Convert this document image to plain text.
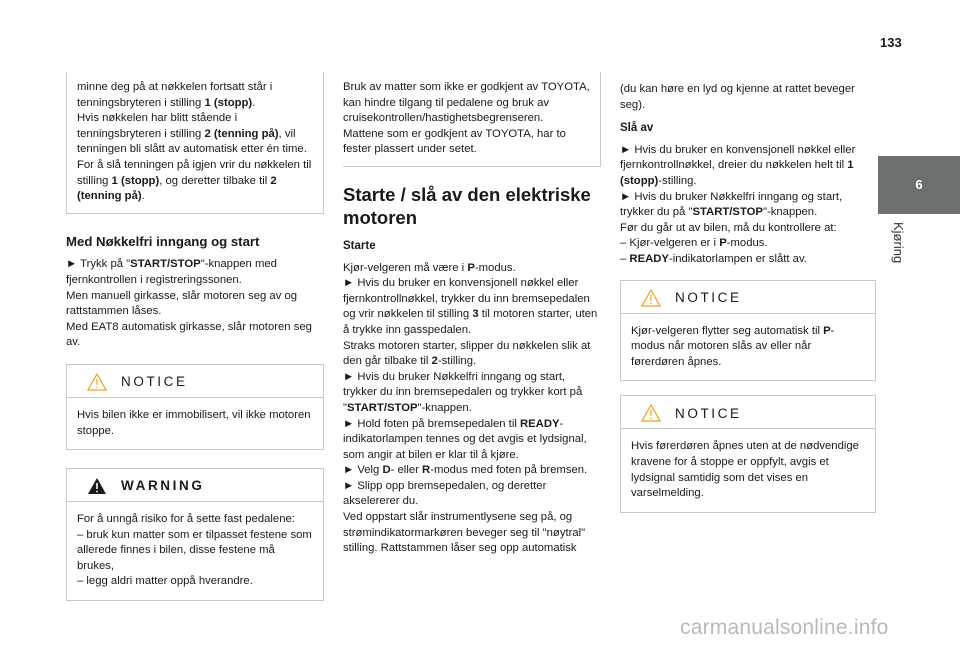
133
6
Kjøring

minne deg på at nøkkelen fortsatt står i tenningsbryteren i stilling 1 (stopp).

Hvis nøkkelen har blitt stående i tenningsbryteren i stilling 2 (tenning på), vil tenningen bli slått av automatisk etter én time.

For å slå tenningen på igjen vrir du nøkkelen til stilling 1 (stopp), og deretter tilbake til 2 (tenning på).

Med Nøkkelfri inngang og start

► Trykk på "START/STOP"-knappen med fjernkontrollen i registreringssonen.

Men manuell girkasse, slår motoren seg av og rattstammen låses.

Med EAT8 automatisk girkasse, slår motoren seg av.

NOTICE
Hvis bilen ikke er immobilisert, vil ikke motoren stoppe.
WARNING

For å unngå risiko for å sette fast pedalene:

– bruk kun matter som er tilpasset festene som allerede finnes i bilen, disse festene må brukes,

– legg aldri matter oppå hverandre.

Bruk av matter som ikke er godkjent av TOYOTA, kan hindre tilgang til pedalene og bruk av cruisekontrollen/hastighetsbegrenseren.

Mattene som er godkjent av TOYOTA, har to fester plassert under setet.

Starte / slå av den elektriske motoren
Starte

Kjør-velgeren må være i P-modus.

► Hvis du bruker en konvensjonell nøkkel eller fjernkontrollnøkkel, trykker du inn bremsepedalen og vrir nøkkelen til stilling 3 til motoren starter, uten å trykke inn gasspedalen.

Straks motoren starter, slipper du nøkkelen slik at den går tilbake til 2-stilling.

► Hvis du bruker Nøkkelfri inngang og start, trykker du inn bremsepedalen og trykker kort på "START/STOP"-knappen.

► Hold foten på bremsepedalen til READY-indikatorlampen tennes og det avgis et lydsignal, som angir at bilen er klar til å kjøre.

► Velg D- eller R-modus med foten på bremsen.

► Slipp opp bremsepedalen, og deretter akselererer du.

Ved oppstart slår instrumentlysene seg på, og strømindikatormarkøren beveger seg til "nøytral" stilling. Rattstammen låser seg opp automatisk

(du kan høre en lyd og kjenne at rattet beveger seg).

Slå av

► Hvis du bruker en konvensjonell nøkkel eller fjernkontrollnøkkel, dreier du nøkkelen helt til 1 (stopp)-stilling.

► Hvis du bruker Nøkkelfri inngang og start, trykker du på "START/STOP"-knappen.

Før du går ut av bilen, må du kontrollere at:

– Kjør-velgeren er i P-modus.

– READY-indikatorlampen er slått av.

NOTICE
Kjør-velgeren flytter seg automatisk til P-modus når motoren slås av eller når førerdøren åpnes.
NOTICE
Hvis førerdøren åpnes uten at de nødvendige kravene for å stoppe er oppfylt, avgis et lydsignal samtidig som det vises en varselmelding.
carmanualsonline.info
